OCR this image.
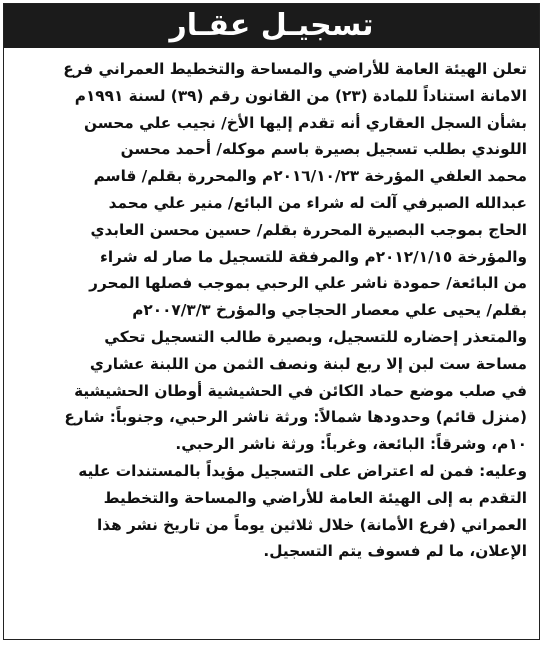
تسجيـل عقـار
تعلن الهيئة العامة للأراضي والمساحة والتخطيط العمراني فرع
الامانة استناداً للمادة (٢٣) من القانون رقم (٣٩) لسنة ١٩٩١م
بشأن السجل العقاري أنه تقدم إليها الأخ/ نجيب علي محسن
اللوندي بطلب تسجيل بصيرة باسم موكله/ أحمد محسن
محمد العلفي المؤرخة ٢٠١٦/١٠/٢٣م والمحررة بقلم/ قاسم
عبدالله الصيرفي آلت له شراء من البائع/ منير علي محمد
الحاج بموجب البصيرة المحررة بقلم/ حسين محسن العابدي
والمؤرخة ٢٠١٢/١/١٥م والمرفقة للتسجيل ما صار له شراء
من البائعة/ حمودة ناشر علي الرحبي بموجب فصلها المحرر
بقلم/ يحيى علي معصار الحجاجي والمؤرخ ٢٠٠٧/٣/٣م
والمتعذر إحضاره للتسجيل، وبصيرة طالب التسجيل تحكي
مساحة ست لبن إلا ربع لبنة ونصف الثمن من اللبنة عشاري
في صلب موضع حماد الكائن في الحشيشية أوطان الحشيشية
(منزل قائم) وحدودها شمالاً: ورثة ناشر الرحبي، وجنوباً: شارع
١٠م، وشرقاً: البائعة، وغرباً: ورثة ناشر الرحبي.
وعليه: فمن له اعتراض على التسجيل مؤيداً بالمستندات عليه
التقدم به إلى الهيئة العامة للأراضي والمساحة والتخطيط
العمراني (فرع الأمانة) خلال ثلاثين يوماً من تاريخ نشر هذا
الإعلان، ما لم فسوف يتم التسجيل.
